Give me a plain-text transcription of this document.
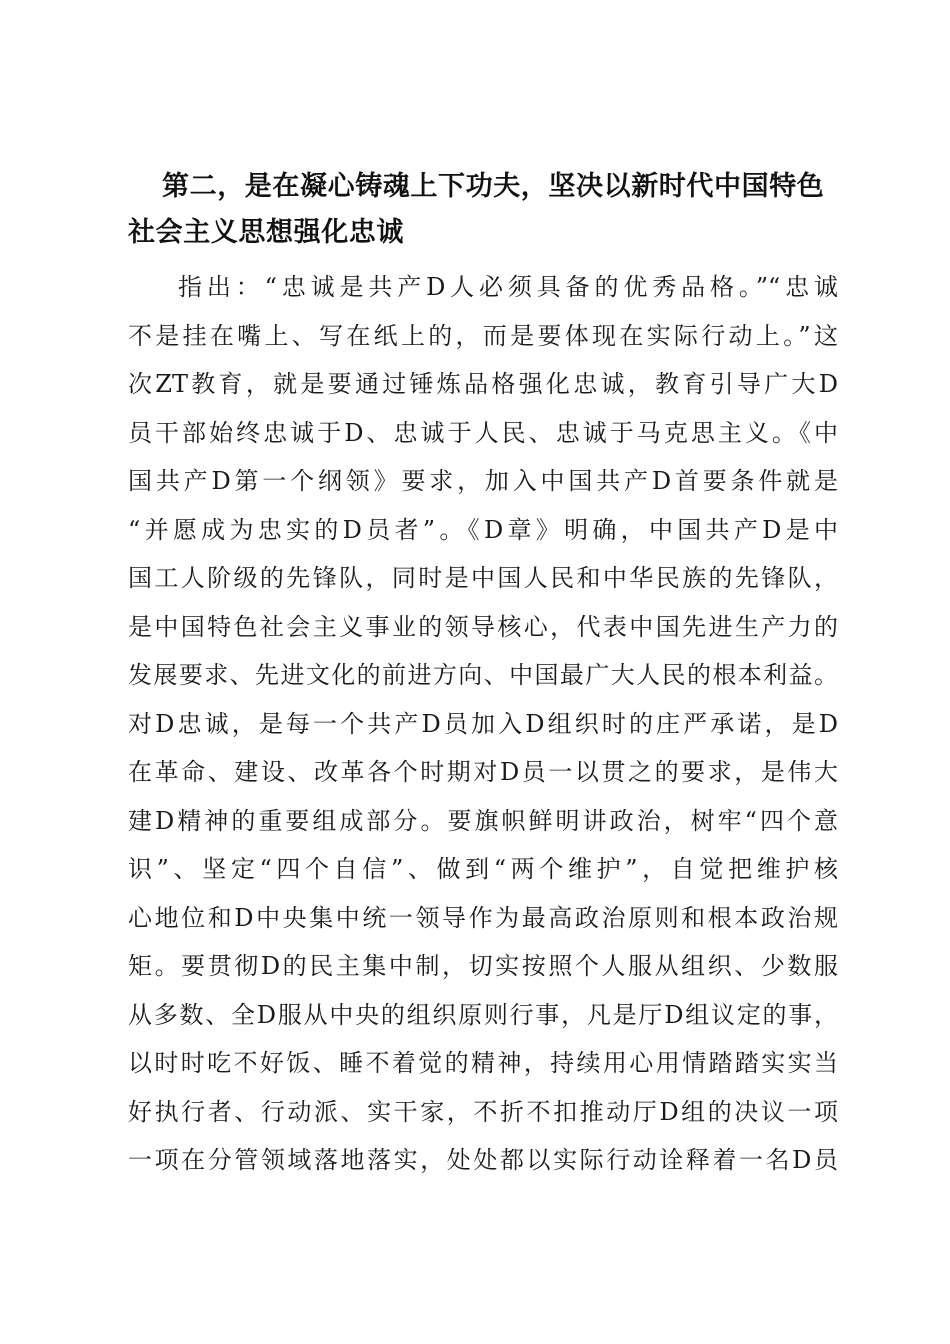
第二，是在凝心铸魂上下功夫，坚决以新时代中国特色社会主义思想强化忠诚
指出：“忠诚是共产D人必须具备的优秀品格。”“忠诚
不是挂在嘴上、写在纸上的，而是要体现在实际行动上。”这
次ZT教育，就是要通过锤炼品格强化忠诚，教育引导广大D
员干部始终忠诚于D、忠诚于人民、忠诚于马克思主义。《中
国共产D第一个纲领》要求，加入中国共产D首要条件就是
“并愿成为忠实的D员者”。《D章》明确，中国共产D是中
国工人阶级的先锋队，同时是中国人民和中华民族的先锋队，
是中国特色社会主义事业的领导核心，代表中国先进生产力的
发展要求、先进文化的前进方向、中国最广大人民的根本利益。
对D忠诚，是每一个共产D员加入D组织时的庄严承诺，是D
在革命、建设、改革各个时期对D员一以贯之的要求，是伟大
建D精神的重要组成部分。要旗帜鲜明讲政治，树牢“四个意
识”、坚定“四个自信”、做到“两个维护”，自觉把维护核
心地位和D中央集中统一领导作为最高政治原则和根本政治规
矩。要贯彻D的民主集中制，切实按照个人服从组织、少数服
从多数、全D服从中央的组织原则行事，凡是厅D组议定的事，
以时时吃不好饭、睡不着觉的精神，持续用心用情踏踏实实当
好执行者、行动派、实干家，不折不扣推动厅D组的决议一项
一项在分管领域落地落实，处处都以实际行动诠释着一名D员
